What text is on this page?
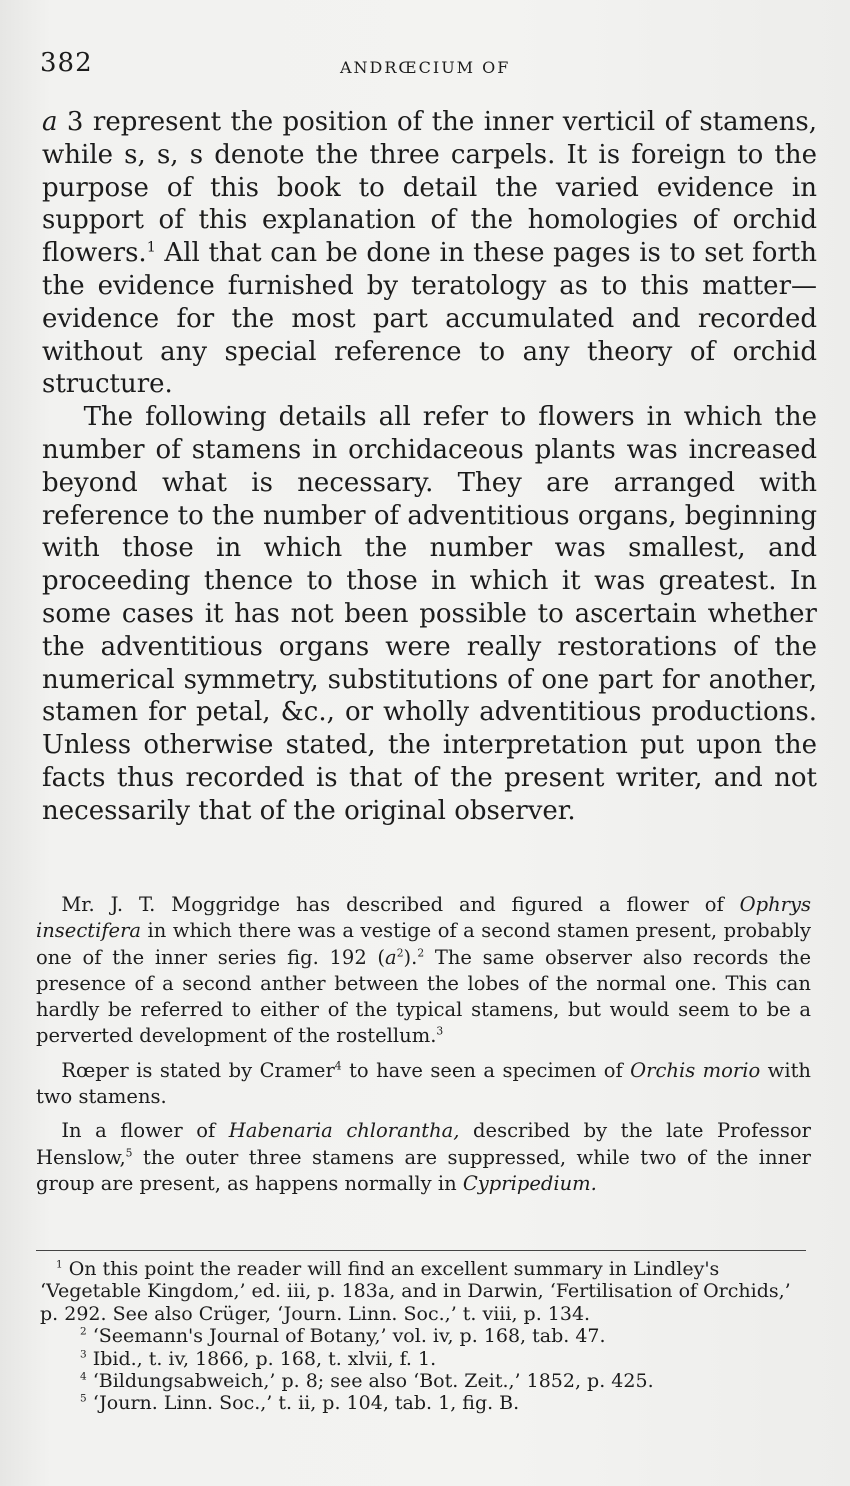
382	ANDRŒCIUM OF

a 3 represent the position of the inner verticil of stamens, while s, s, s denote the three carpels. It is foreign to the purpose of this book to detail the varied evidence in support of this explanation of the homologies of orchid flowers.$^1$ All that can be done in these pages is to set forth the evidence furnished by teratology as to this matter—evidence for the most part accumulated and recorded without any special reference to any theory of orchid structure.

The following details all refer to flowers in which the number of stamens in orchidaceous plants was increased beyond what is necessary. They are arranged with reference to the number of adventitious organs, beginning with those in which the number was smallest, and proceeding thence to those in which it was greatest. In some cases it has not been possible to ascertain whether the adventitious organs were really restorations of the numerical symmetry, substitutions of one part for another, stamen for petal, &c., or wholly adventitious productions. Unless otherwise stated, the interpretation put upon the facts thus recorded is that of the present writer, and not necessarily that of the original observer.

Mr. J. T. Moggridge has described and figured a flower of Ophrys insectifera in which there was a vestige of a second stamen present, probably one of the inner series fig. 192 $(a^2).^2$ The same observer also records the presence of a second anther between the lobes of the normal one. This can hardly be referred to either of the typical stamens, but would seem to be a perverted development of the rostellum.$^3$

Rœper is stated by Cramer$^4$ to have seen a specimen of Orchis morio with two stamens.

In a flower of Habenaria chlorantha, described by the late Professor Henslow,$^5$ the outer three stamens are suppressed, while two of the inner group are present, as happens normally in Cypripedium.

$^1$ On this point the reader will find an excellent summary in Lindley's ‘Vegetable Kingdom,’ ed. iii, p. 183a, and in Darwin, ‘Fertilisation of Orchids,’ p. 292. See also Crüger, ‘Journ. Linn. Soc.,’ t. viii, p. 134.

$^2$ ‘Seemann's Journal of Botany,’ vol. iv, p. 168, tab. 47.

$^3$ Ibid., t. iv, 1866, p. 168, t. xlvii, f. 1.

$^4$ ‘Bildungsabweich,’ p. 8; see also ‘Bot. Zeit.,’ 1852, p. 425.

$^5$ ‘Journ. Linn. Soc.,’ t. ii, p. 104, tab. 1, fig. B.
